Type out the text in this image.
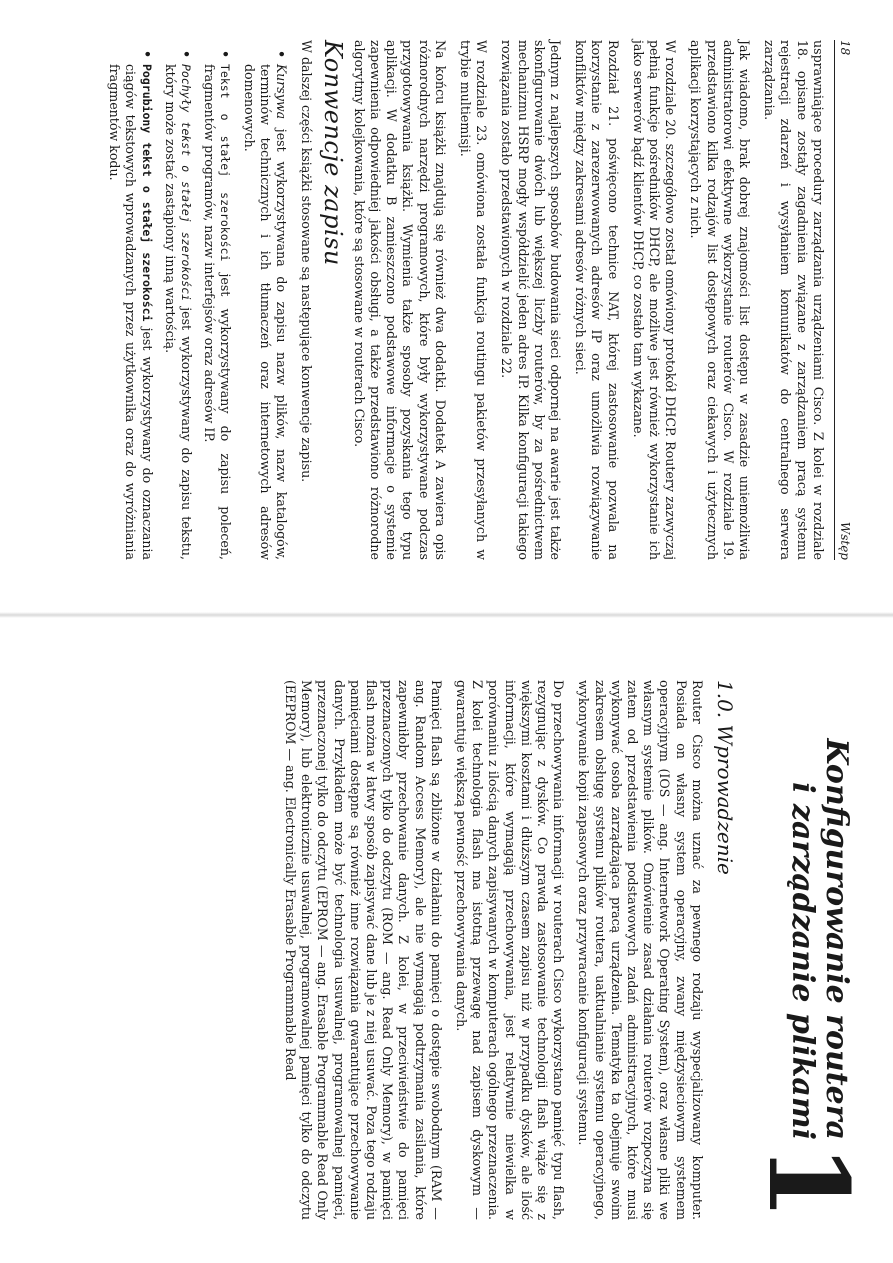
18
Wstęp

usprawniające procedury zarządzania urządzeniami Cisco. Z kolei w rozdziale 18. opisane zostały zagadnienia związane z zarządzaniem pracą systemu rejestracji zdarzeń i wysyłaniem komunikatów do centralnego serwera zarządzania.

Jak wiadomo, brak dobrej znajomości list dostępu w zasadzie uniemożliwia administratorowi efektywne wykorzystanie routerów Cisco. W rozdziale 19. przedstawiono kilka rodzajów list dostępowych oraz ciekawych i użytecznych aplikacji korzystających z nich.

W rozdziale 20. szczegółowo został omówiony protokół DHCP. Routery zazwyczaj pełnią funkcje pośredników DHCP, ale możliwe jest również wykorzystanie ich jako serwerów bądź klientów DHCP, co zostało tam wykazane.

Rozdział 21. poświęcono technice NAT, której zastosowanie pozwala na korzystanie z zarezerwowanych adresów IP oraz umożliwia rozwiązywanie konfliktów między zakresami adresów różnych sieci.

Jednym z najlepszych sposobów budowania sieci odpornej na awarie jest także skonfigurowanie dwóch lub większej liczby routerów, by za pośrednictwem mechanizmu HSRP mogły współdzielić jeden adres IP. Kilka konfiguracji takiego rozwiązania zostało przedstawionych w rozdziale 22.

W rozdziale 23. omówiona została funkcja routingu pakietów przesyłanych w trybie multiemisji.

Na końcu książki znajdują się również dwa dodatki. Dodatek A zawiera opis różnorodnych narzędzi programowych, które były wykorzystywane podczas przygotowywania książki. Wymienia także sposoby pozyskania tego typu aplikacji. W dodatku B zamieszczono podstawowe informacje o systemie zapewnienia odpowiedniej jakości obsługi, a także przedstawiono różnorodne algorytmy kolejkowania, które są stosowane w routerach Cisco.

Konwencje zapisu

W dalszej części książki stosowane są następujące konwencje zapisu.

• Kursywa jest wykorzystywana do zapisu nazw plików, nazw katalogów, terminów technicznych i ich tłumaczeń oraz internetowych adresów domenowych.
• Tekst o stałej szerokości jest wykorzystywany do zapisu poleceń, fragmentów programów, nazw interfejsów oraz adresów IP.
• Pochyły tekst o stałej szerokości jest wykorzystywany do zapisu tekstu, który może zostać zastąpiony inną wartością.
• Pogrubiony tekst o stałej szerokości jest wykorzystywany do oznaczania ciągów tekstowych wprowadzanych przez użytkownika oraz do wyróżniania fragmentów kodu.
Konfigurowanie routera
i zarządzanie plikami
1
1.0. Wprowadzenie

Router Cisco można uznać za pewnego rodzaju wyspecjalizowany komputer. Posiada on własny system operacyjny, zwany międzysieciowym systemem operacyjnym (IOS — ang. Internetwork Operating System), oraz własne pliki we własnym systemie plików. Omówienie zasad działania routerów rozpoczyna się zatem od przedstawienia podstawowych zadań administracyjnych, które musi wykonywać osoba zarządzająca pracą urządzenia. Tematyka ta obejmuje swoim zakresem obsługę systemu plików routera, uaktualnianie systemu operacyjnego, wykonywanie kopii zapasowych oraz przywracanie konfiguracji systemu.

Do przechowywania informacji w routerach Cisco wykorzystano pamięć typu flash, rezygnując z dysków. Co prawda zastosowanie technologii flash wiąże się z większymi kosztami i dłuższym czasem zapisu niż w przypadku dysków, ale ilość informacji, które wymagają przechowywania, jest relatywnie niewielka w porównaniu z ilością danych zapisywanych w komputerach ogólnego przeznaczenia. Z kolei technologia flash ma istotną przewagę nad zapisem dyskowym — gwarantuje większą pewność przechowywania danych.

Pamięci flash są zbliżone w działaniu do pamięci o dostępie swobodnym (RAM — ang. Random Access Memory), ale nie wymagają podtrzymania zasilania, które zapewniłoby przechowanie danych. Z kolei, w przeciwieństwie do pamięci przeznaczonych tylko do odczytu (ROM — ang. Read Only Memory), w pamięci flash można w łatwy sposób zapisywać dane lub je z niej usuwać. Poza tego rodzaju pamięciami dostępne są również inne rozwiązania gwarantujące przechowywanie danych. Przykładem może być technologia usuwalnej, programowalnej pamięci, przeznaczonej tylko do odczytu (EPROM — ang. Erasable Programmable Read Only Memory), lub elektronicznie usuwalnej, programowalnej pamięci tylko do odczytu (EEPROM — ang. Electronically Erasable Programmable Read
